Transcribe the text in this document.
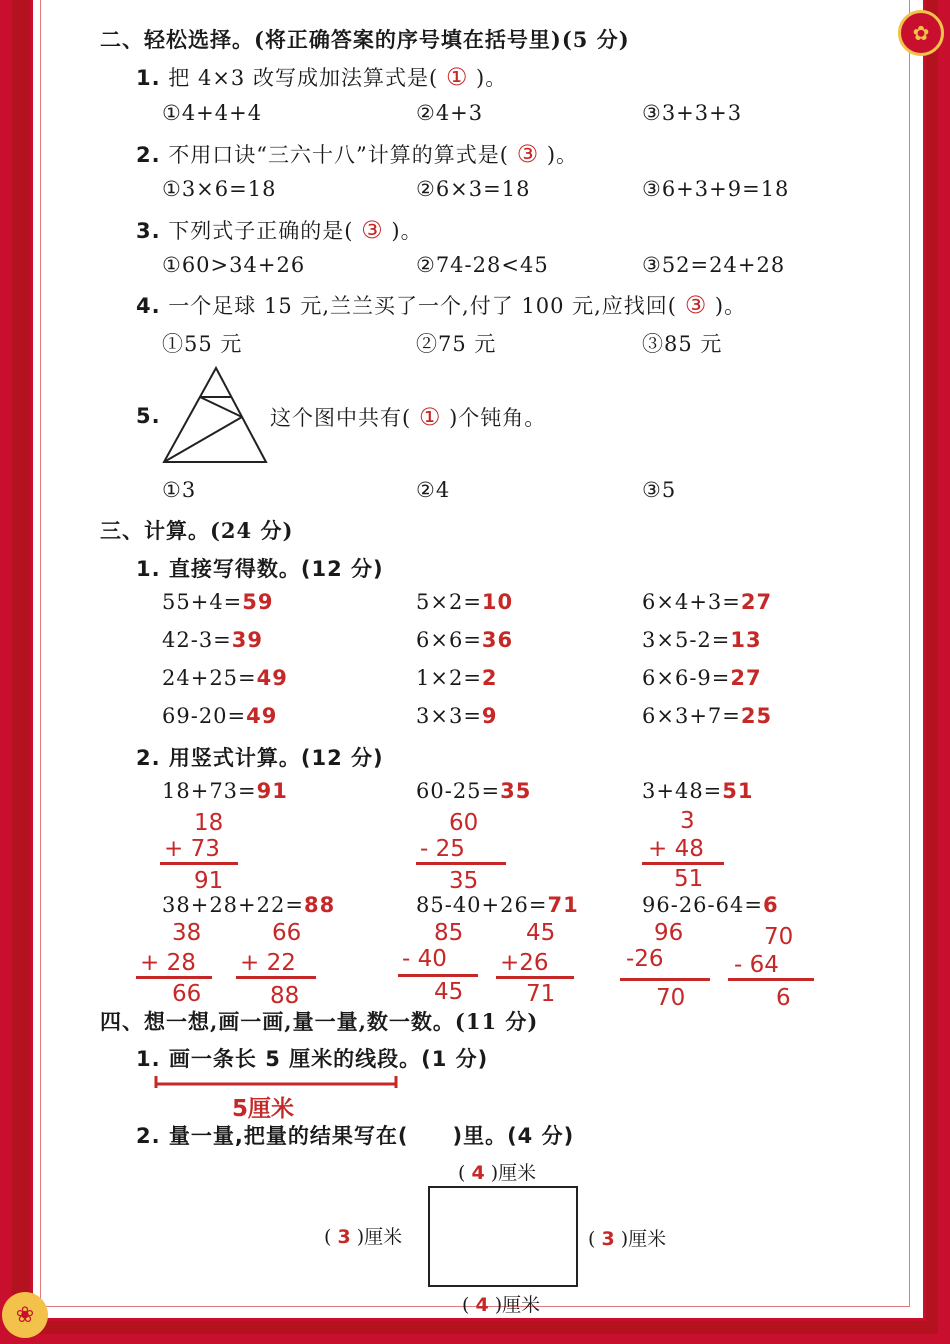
✿
❀
二、轻松选择。(将正确答案的序号填在括号里)(5 分)
1. 把 4×3 改写成加法算式是( ① )。
①4+4+4	②4+3	③3+3+3
2. 不用口诀“三六十八”计算的算式是( ③ )。
①3×6=18	②6×3=18	③6+3+9=18
3. 下列式子正确的是( ③ )。
①60>34+26	②74-28<45	③52=24+28
4. 一个足球 15 元,兰兰买了一个,付了 100 元,应找回( ③ )。
①55 元	②75 元	③85 元
5.	这个图中共有( ① )个钝角。
①3	②4	③5
三、计算。(24 分)
1. 直接写得数。(12 分)
55+4=59	5×2=10	6×4+3=27
42-3=39	6×6=36	3×5-2=13
24+25=49	1×2=2	6×6-9=27
69-20=49	3×3=9	6×3+7=25
2. 用竖式计算。(12 分)
18+73=91	60-25=35	3+48=51
18
+ 73
91
60
- 25
35
3
+ 48
51
38+28+22=88	85-40+26=71	96-26-64=6
38
+ 28
66
66
+ 22
88
85
- 40
45
45
+26
71
96
-26
70
70
- 64
6
四、想一想,画一画,量一量,数一数。(11 分)
1. 画一条长 5 厘米的线段。(1 分)
5厘米
2. 量一量,把量的结果写在(　　)里。(4 分)
( 4 )厘米
( 3 )厘米	( 3 )厘米
( 4 )厘米
